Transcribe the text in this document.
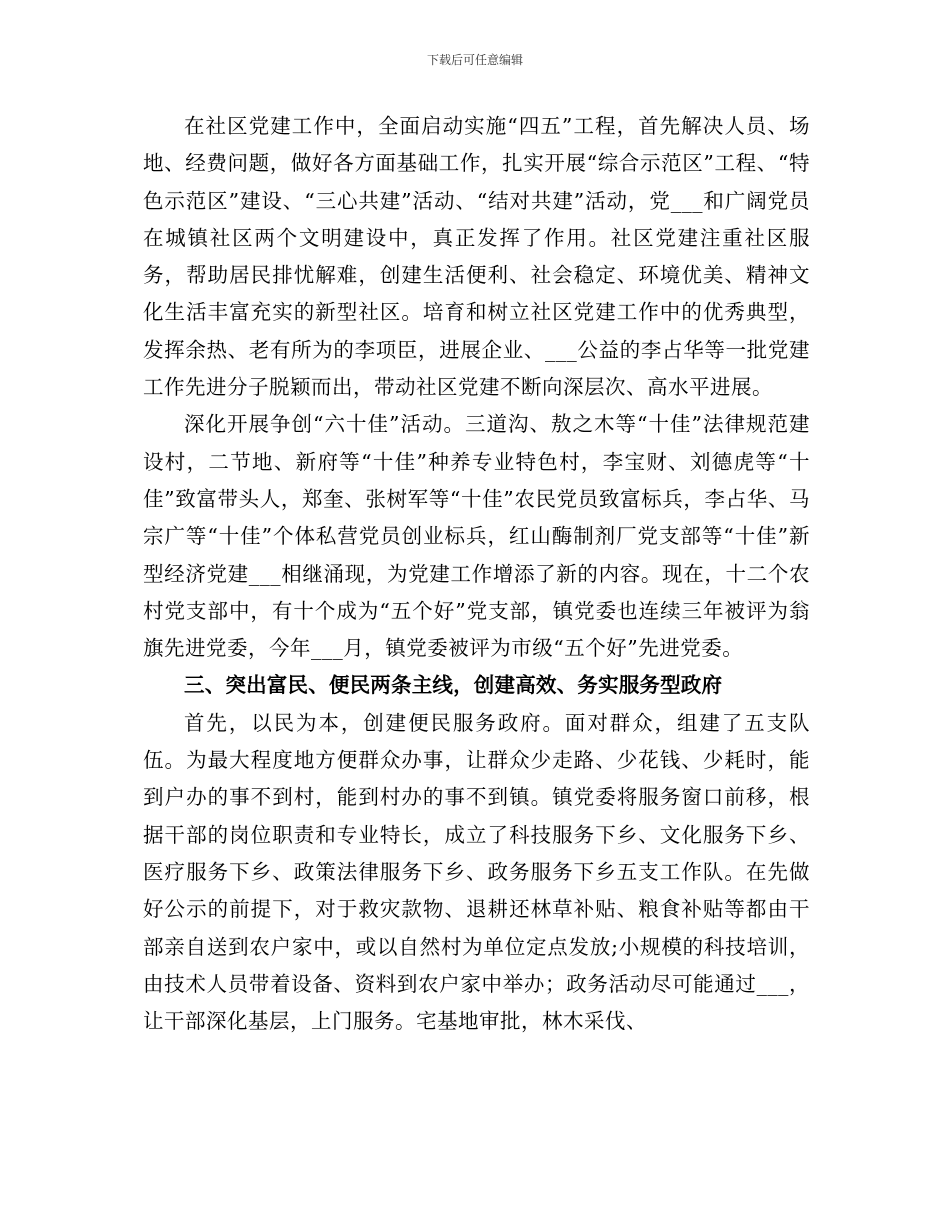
下载后可任意编辑

在社区党建工作中，全面启动实施“四五”工程，首先解决人员、场地、经费问题，做好各方面基础工作，扎实开展“综合示范区”工程、“特色示范区”建设、“三心共建”活动、“结对共建”活动，党___和广阔党员在城镇社区两个文明建设中，真正发挥了作用。社区党建注重社区服务，帮助居民排忧解难，创建生活便利、社会稳定、环境优美、精神文化生活丰富充实的新型社区。培育和树立社区党建工作中的优秀典型，发挥余热、老有所为的李项臣，进展企业、___公益的李占华等一批党建工作先进分子脱颖而出，带动社区党建不断向深层次、高水平进展。

深化开展争创“六十佳”活动。三道沟、敖之木等“十佳”法律规范建设村，二节地、新府等“十佳”种养专业特色村，李宝财、刘德虎等“十佳”致富带头人，郑奎、张树军等“十佳”农民党员致富标兵，李占华、马宗广等“十佳”个体私营党员创业标兵，红山酶制剂厂党支部等“十佳”新型经济党建___相继涌现，为党建工作增添了新的内容。现在，十二个农村党支部中，有十个成为“五个好”党支部，镇党委也连续三年被评为翁旗先进党委，今年___月，镇党委被评为市级“五个好”先进党委。

三、突出富民、便民两条主线，创建高效、务实服务型政府

首先，以民为本，创建便民服务政府。面对群众，组建了五支队伍。为最大程度地方便群众办事，让群众少走路、少花钱、少耗时，能到户办的事不到村，能到村办的事不到镇。镇党委将服务窗口前移，根据干部的岗位职责和专业特长，成立了科技服务下乡、文化服务下乡、医疗服务下乡、政策法律服务下乡、政务服务下乡五支工作队。在先做好公示的前提下，对于救灾款物、退耕还林草补贴、粮食补贴等都由干部亲自送到农户家中，或以自然村为单位定点发放;小规模的科技培训，由技术人员带着设备、资料到农户家中举办；政务活动尽可能通过___，让干部深化基层，上门服务。宅基地审批，林木采伐、
